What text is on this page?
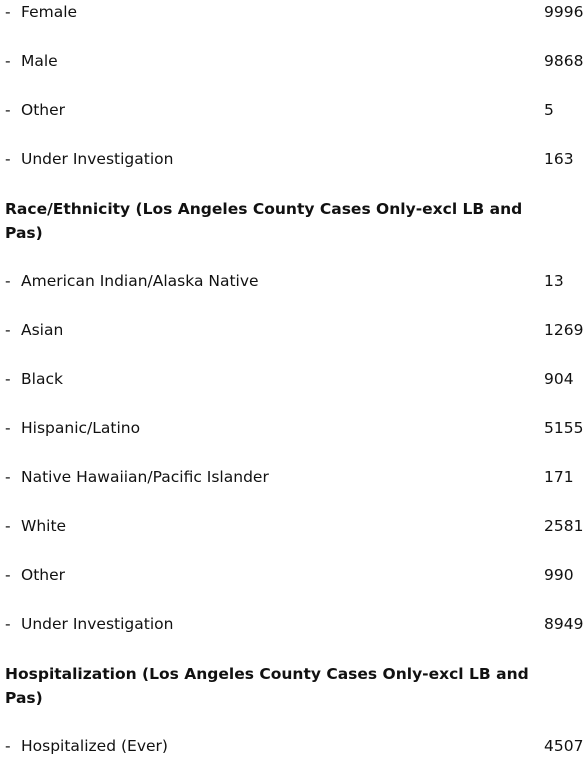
- Female	9996
- Male	9868
- Other	5
- Under Investigation	163
Race/Ethnicity (Los Angeles County Cases Only-excl LB and Pas)
- American Indian/Alaska Native	13
- Asian	1269
- Black	904
- Hispanic/Latino	5155
- Native Hawaiian/Pacific Islander	171
- White	2581
- Other	990
- Under Investigation	8949
Hospitalization (Los Angeles County Cases Only-excl LB and Pas)
- Hospitalized (Ever)	4507
